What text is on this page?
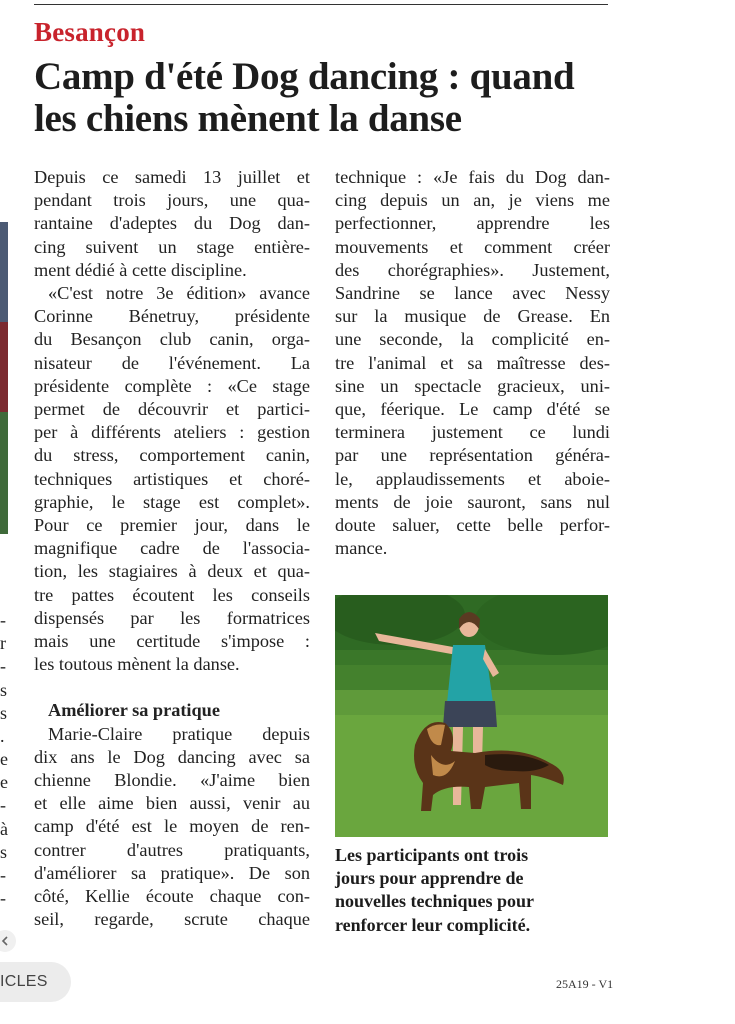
Besançon
Camp d'été Dog dancing : quand
les chiens mènent la danse
Depuis ce samedi 13 juillet et
pendant trois jours, une qua-
rantaine d'adeptes du Dog dan-
cing suivent un stage entière-
ment dédié à cette discipline.
«C'est notre 3e édition» avance
Corinne Bénetruy, présidente
du Besançon club canin, orga-
nisateur de l'événement. La
présidente complète : «Ce stage
permet de découvrir et partici-
per à différents ateliers : gestion
du stress, comportement canin,
techniques artistiques et choré-
graphie, le stage est complet».
Pour ce premier jour, dans le
magnifique cadre de l'associa-
tion, les stagiaires à deux et qua-
tre pattes écoutent les conseils
dispensés par les formatrices
mais une certitude s'impose :
les toutous mènent la danse.
Améliorer sa pratique
Marie-Claire pratique depuis
dix ans le Dog dancing avec sa
chienne Blondie. «J'aime bien
et elle aime bien aussi, venir au
camp d'été est le moyen de ren-
contrer d'autres pratiquants,
d'améliorer sa pratique». De son
côté, Kellie écoute chaque con-
seil, regarde, scrute chaque
technique : «Je fais du Dog dan-
cing depuis un an, je viens me
perfectionner, apprendre les
mouvements et comment créer
des chorégraphies». Justement,
Sandrine se lance avec Nessy
sur la musique de Grease. En
une seconde, la complicité en-
tre l'animal et sa maîtresse des-
sine un spectacle gracieux, uni-
que, féerique. Le camp d'été se
terminera justement ce lundi
par une représentation généra-
le, applaudissements et aboie-
ments de joie sauront, sans nul
doute saluer, cette belle perfor-
mance.
Les participants ont trois
jours pour apprendre de
nouvelles techniques pour
renforcer leur complicité.
25A19 - V1
-
r
-
s
s
.
e
e
-
à
s
-
-
ICLES
